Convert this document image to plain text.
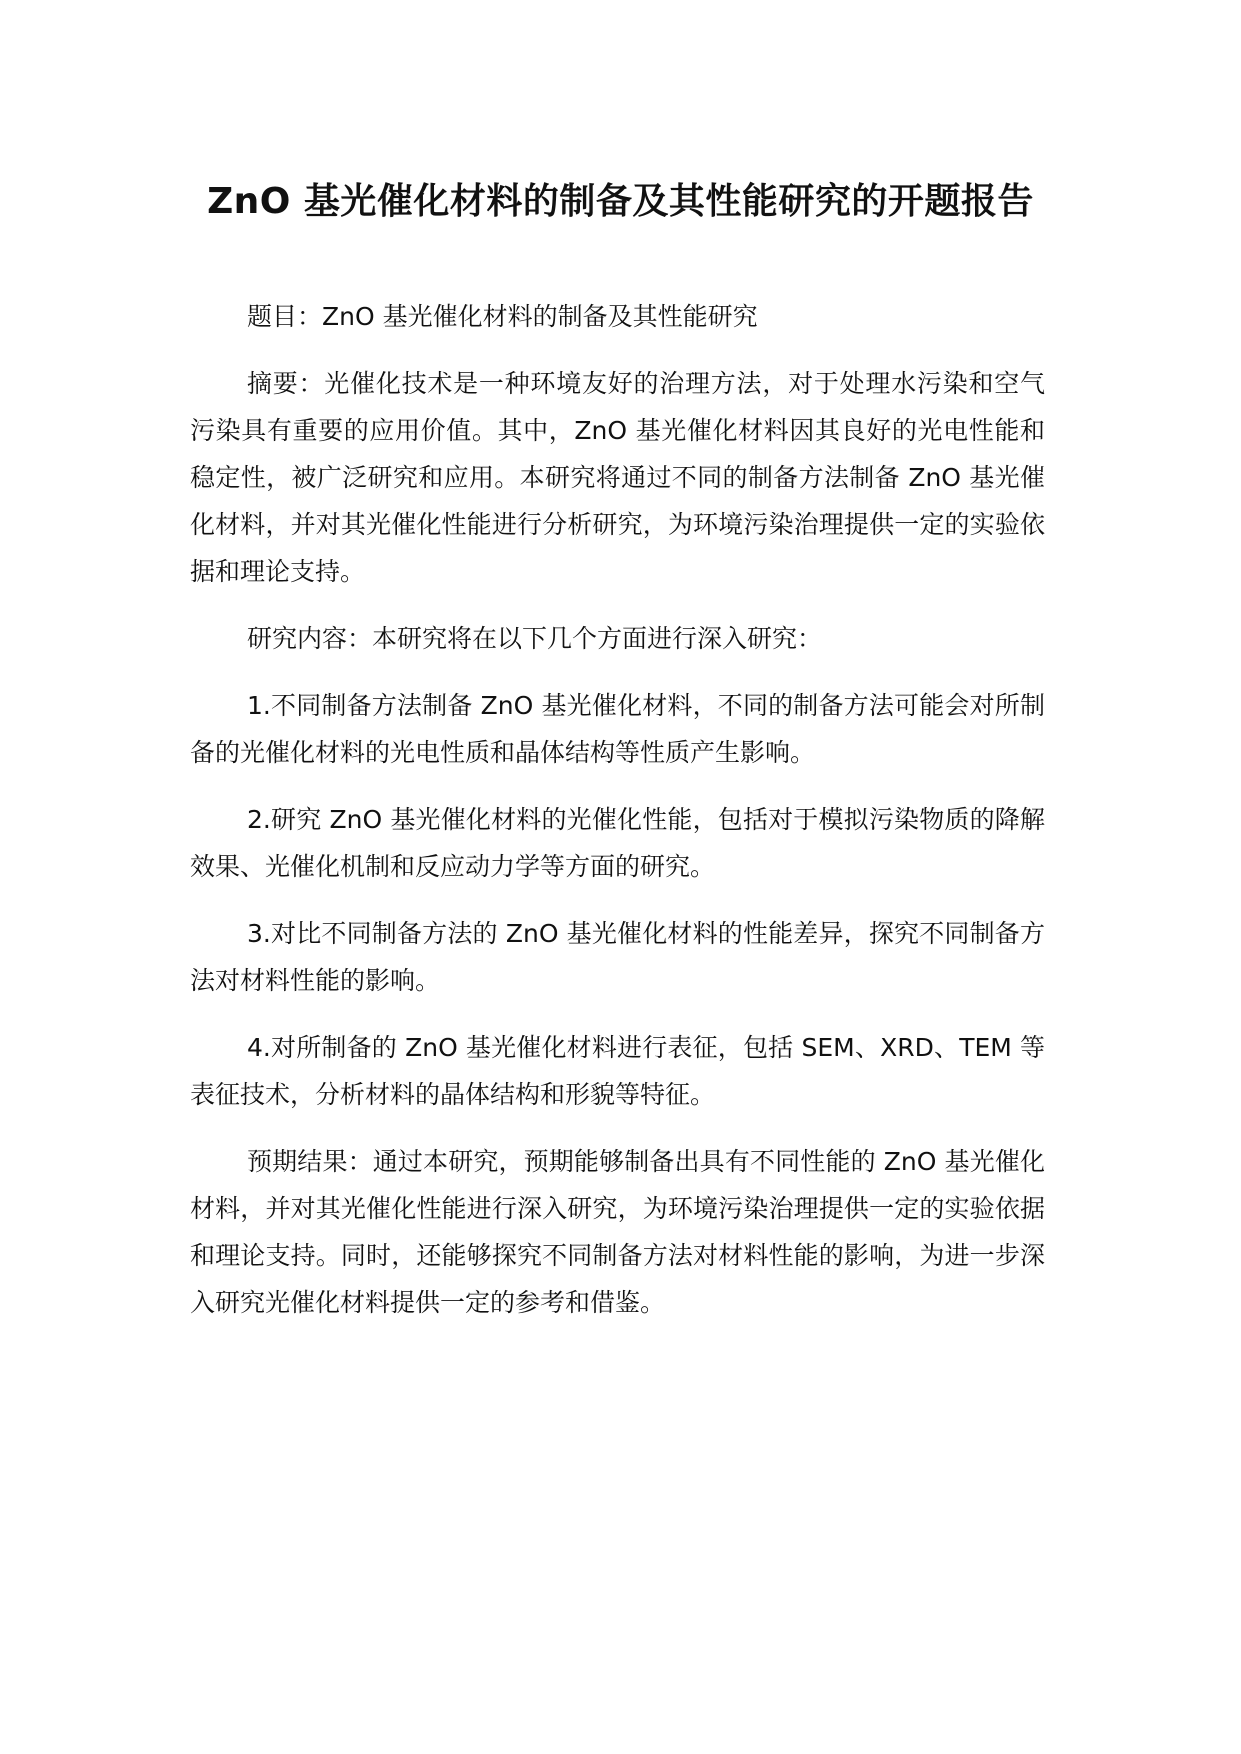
ZnO 基光催化材料的制备及其性能研究的开题报告

题目：ZnO 基光催化材料的制备及其性能研究

摘要：光催化技术是一种环境友好的治理方法，对于处理水污染和空气污染具有重要的应用价值。其中，ZnO 基光催化材料因其良好的光电性能和稳定性，被广泛研究和应用。本研究将通过不同的制备方法制备 ZnO 基光催化材料，并对其光催化性能进行分析研究，为环境污染治理提供一定的实验依据和理论支持。

研究内容：本研究将在以下几个方面进行深入研究：

1.不同制备方法制备 ZnO 基光催化材料，不同的制备方法可能会对所制备的光催化材料的光电性质和晶体结构等性质产生影响。

2.研究 ZnO 基光催化材料的光催化性能，包括对于模拟污染物质的降解效果、光催化机制和反应动力学等方面的研究。

3.对比不同制备方法的 ZnO 基光催化材料的性能差异，探究不同制备方法对材料性能的影响。

4.对所制备的 ZnO 基光催化材料进行表征，包括 SEM、XRD、TEM 等表征技术，分析材料的晶体结构和形貌等特征。

预期结果：通过本研究，预期能够制备出具有不同性能的 ZnO 基光催化材料，并对其光催化性能进行深入研究，为环境污染治理提供一定的实验依据和理论支持。同时，还能够探究不同制备方法对材料性能的影响，为进一步深入研究光催化材料提供一定的参考和借鉴。
